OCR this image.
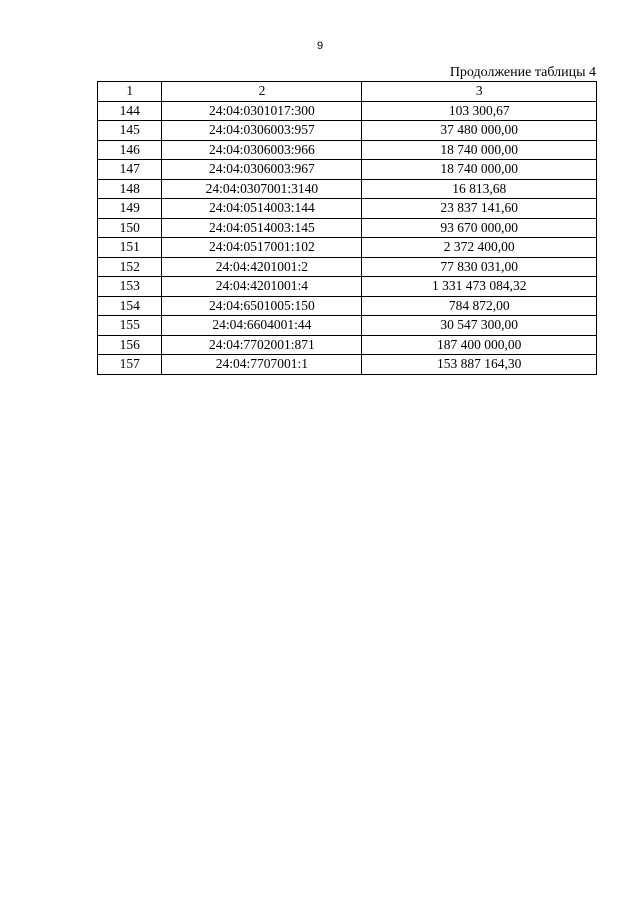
9
Продолжение таблицы 4
1	2	3
144	24:04:0301017:300	103 300,67
145	24:04:0306003:957	37 480 000,00
146	24:04:0306003:966	18 740 000,00
147	24:04:0306003:967	18 740 000,00
148	24:04:0307001:3140	16 813,68
149	24:04:0514003:144	23 837 141,60
150	24:04:0514003:145	93 670 000,00
151	24:04:0517001:102	2 372 400,00
152	24:04:4201001:2	77 830 031,00
153	24:04:4201001:4	1 331 473 084,32
154	24:04:6501005:150	784 872,00
155	24:04:6604001:44	30 547 300,00
156	24:04:7702001:871	187 400 000,00
157	24:04:7707001:1	153 887 164,30
